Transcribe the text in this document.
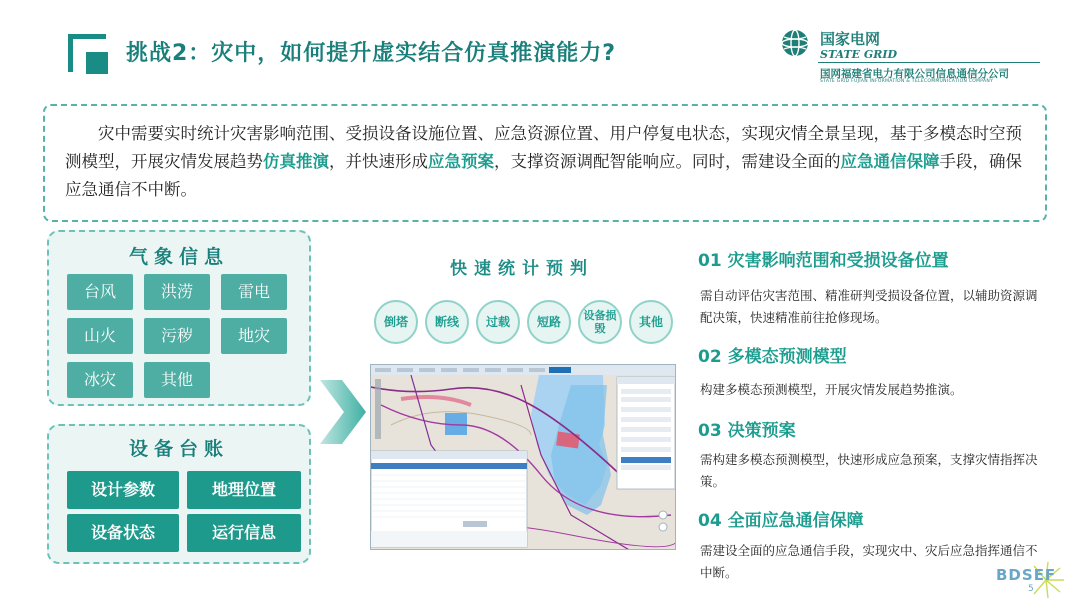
挑战2：灾中，如何提升虚实结合仿真推演能力?
国家电网
STATE GRID
国网福建省电力有限公司信息通信分公司
STATE GRID FUJIAN INFORMATION & TELECOMMUNICATION COMPANY
灾中需要实时统计灾害影响范围、受损设备设施位置、应急资源位置、用户停复电状态，实现灾情全景呈现，基于多模态时空预测模型，开展灾情发展趋势仿真推演，并快速形成应急预案，支撑资源调配智能响应。同时，需建设全面的应急通信保障手段，确保应急通信不中断。
气象信息
台风	洪涝	雷电
山火	污秽	地灾
冰灾	其他
设备台账
设计参数	地理位置
设备状态	运行信息
快速统计预判
倒塔	断线	过载	短路	设备损毁	其他
01 灾害影响范围和受损设备位置
需自动评估灾害范围、精准研判受损设备位置，以辅助资源调配决策，快速精准前往抢修现场。
02 多模态预测模型
构建多模态预测模型，开展灾情发展趋势推演。
03 决策预案
需构建多模态预测模型，快速形成应急预案，支撑灾情指挥决策。
04 全面应急通信保障
需建设全面的应急通信手段，实现灾中、灾后应急指挥通信不中断。	BDSEF
5
